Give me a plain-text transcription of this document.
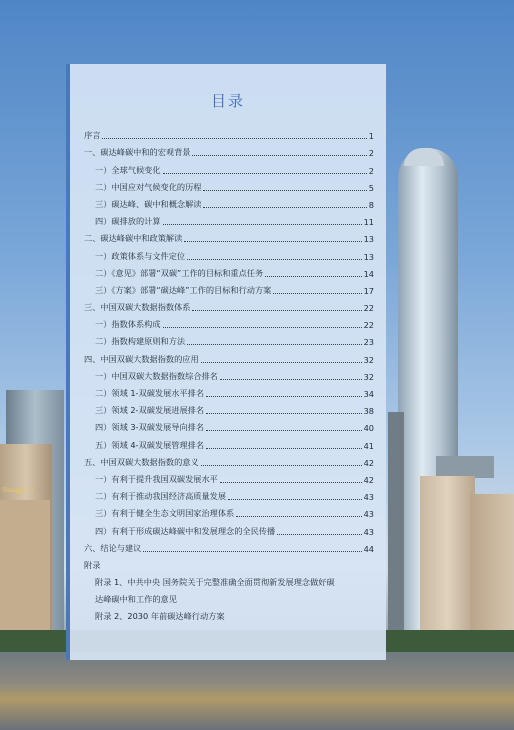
Shangri-La
目录
序言	1
一、碳达峰碳中和的宏观背景	2
一）全球气候变化	2
二）中国应对气候变化的历程	5
三）碳达峰、碳中和概念解读	8
四）碳排放的计算	11
二、碳达峰碳中和政策解读	13
一）政策体系与文件定位	13
二）《意见》部署“双碳”工作的目标和重点任务	14
三）《方案》部署“碳达峰”工作的目标和行动方案	17
三、中国双碳大数据指数体系	22
一）指数体系构成	22
二）指数构建原则和方法	23
四、中国双碳大数据指数的应用	32
一）中国双碳大数据指数综合排名	32
二）领域 1-双碳发展水平排名	34
三）领域 2-双碳发展进展排名	38
四）领域 3-双碳发展导向排名	40
五）领域 4-双碳发展管理排名	41
五、中国双碳大数据指数的意义	42
一）有利于提升我国双碳发展水平	42
二）有利于推动我国经济高质量发展	43
三）有利于健全生态文明国家治理体系	43
四）有利于形成碳达峰碳中和发展理念的全民传播	43
六、结论与建议	44
附录
附录 1、中共中央 国务院关于完整准确全面贯彻新发展理念做好碳
达峰碳中和工作的意见
附录 2、2030 年前碳达峰行动方案
